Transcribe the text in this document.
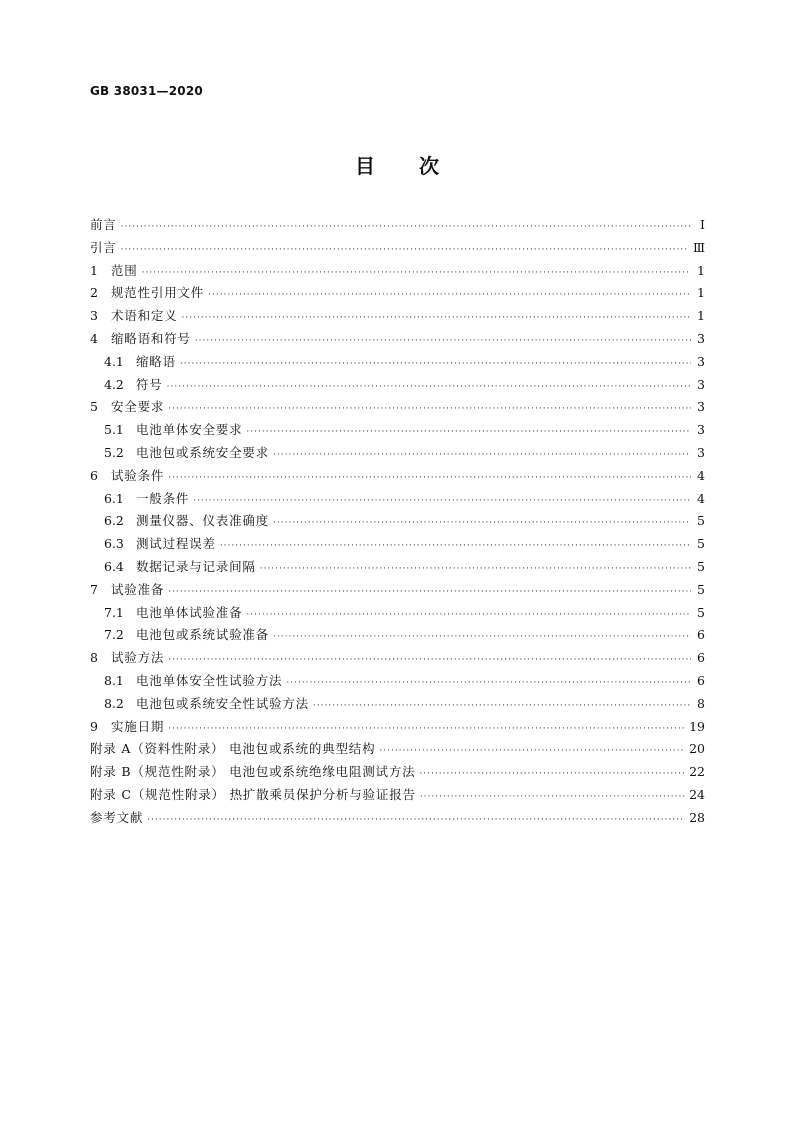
GB 38031—2020
目 次
前言 ·····	Ⅰ
引言 ·····	Ⅲ
1 范围 ·····	1
2 规范性引用文件 ·····	1
3 术语和定义 ·····	1
4 缩略语和符号 ·····	3
4.1 缩略语 ·····	3
4.2 符号 ·····	3
5 安全要求 ·····	3
5.1 电池单体安全要求 ·····	3
5.2 电池包或系统安全要求 ·····	3
6 试验条件 ·····	4
6.1 一般条件 ·····	4
6.2 测量仪器、仪表准确度 ·····	5
6.3 测试过程误差 ·····	5
6.4 数据记录与记录间隔 ·····	5
7 试验准备 ·····	5
7.1 电池单体试验准备 ·····	5
7.2 电池包或系统试验准备 ·····	6
8 试验方法 ·····	6
8.1 电池单体安全性试验方法 ·····	6
8.2 电池包或系统安全性试验方法 ·····	8
9 实施日期 ·····	19
附录 A（资料性附录） 电池包或系统的典型结构 ·····	20
附录 B（规范性附录） 电池包或系统绝缘电阻测试方法 ·····	22
附录 C（规范性附录） 热扩散乘员保护分析与验证报告 ·····	24
参考文献 ·····	28
